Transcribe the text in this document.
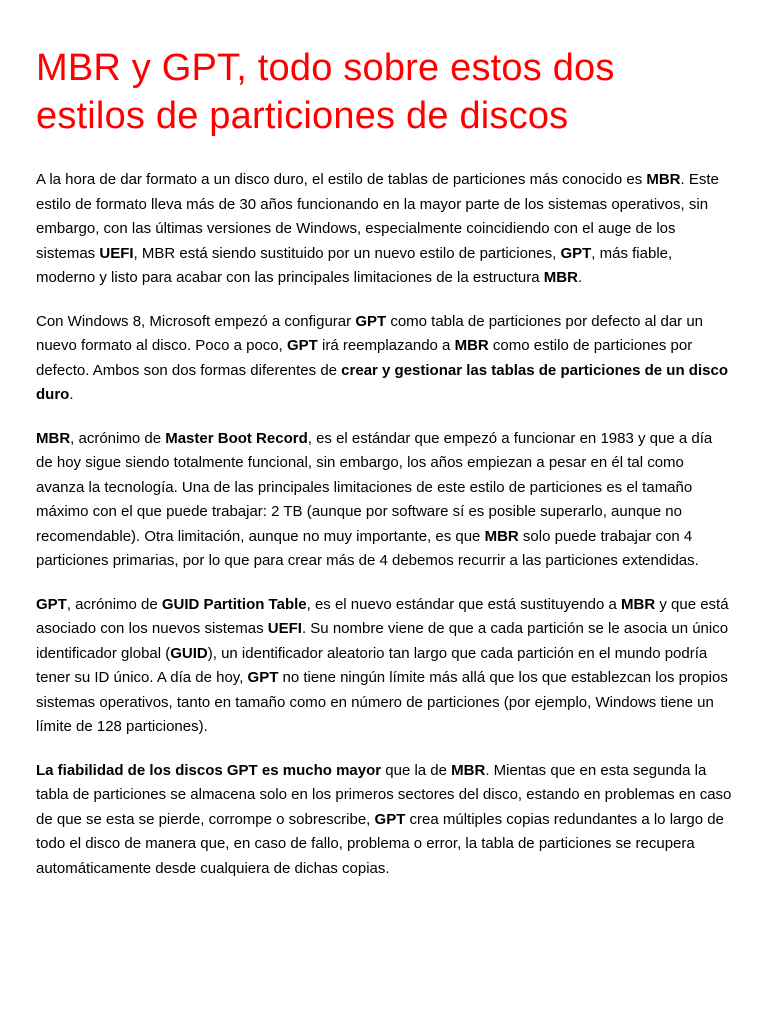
MBR y GPT, todo sobre estos dos estilos de particiones de discos

A la hora de dar formato a un disco duro, el estilo de tablas de particiones más conocido es MBR. Este estilo de formato lleva más de 30 años funcionando en la mayor parte de los sistemas operativos, sin embargo, con las últimas versiones de Windows, especialmente coincidiendo con el auge de los sistemas UEFI, MBR está siendo sustituido por un nuevo estilo de particiones, GPT, más fiable, moderno y listo para acabar con las principales limitaciones de la estructura MBR.

Con Windows 8, Microsoft empezó a configurar GPT como tabla de particiones por defecto al dar un nuevo formato al disco. Poco a poco, GPT irá reemplazando a MBR como estilo de particiones por defecto. Ambos son dos formas diferentes de crear y gestionar las tablas de particiones de un disco duro.

MBR, acrónimo de Master Boot Record, es el estándar que empezó a funcionar en 1983 y que a día de hoy sigue siendo totalmente funcional, sin embargo, los años empiezan a pesar en él tal como avanza la tecnología. Una de las principales limitaciones de este estilo de particiones es el tamaño máximo con el que puede trabajar: 2 TB (aunque por software sí es posible superarlo, aunque no recomendable). Otra limitación, aunque no muy importante, es que MBR solo puede trabajar con 4 particiones primarias, por lo que para crear más de 4 debemos recurrir a las particiones extendidas.

GPT, acrónimo de GUID Partition Table, es el nuevo estándar que está sustituyendo a MBR y que está asociado con los nuevos sistemas UEFI. Su nombre viene de que a cada partición se le asocia un único identificador global (GUID), un identificador aleatorio tan largo que cada partición en el mundo podría tener su ID único. A día de hoy, GPT no tiene ningún límite más allá que los que establezcan los propios sistemas operativos, tanto en tamaño como en número de particiones (por ejemplo, Windows tiene un límite de 128 particiones).

La fiabilidad de los discos GPT es mucho mayor que la de MBR. Mientas que en esta segunda la tabla de particiones se almacena solo en los primeros sectores del disco, estando en problemas en caso de que se esta se pierde, corrompe o sobrescribe, GPT crea múltiples copias redundantes a lo largo de todo el disco de manera que, en caso de fallo, problema o error, la tabla de particiones se recupera automáticamente desde cualquiera de dichas copias.
